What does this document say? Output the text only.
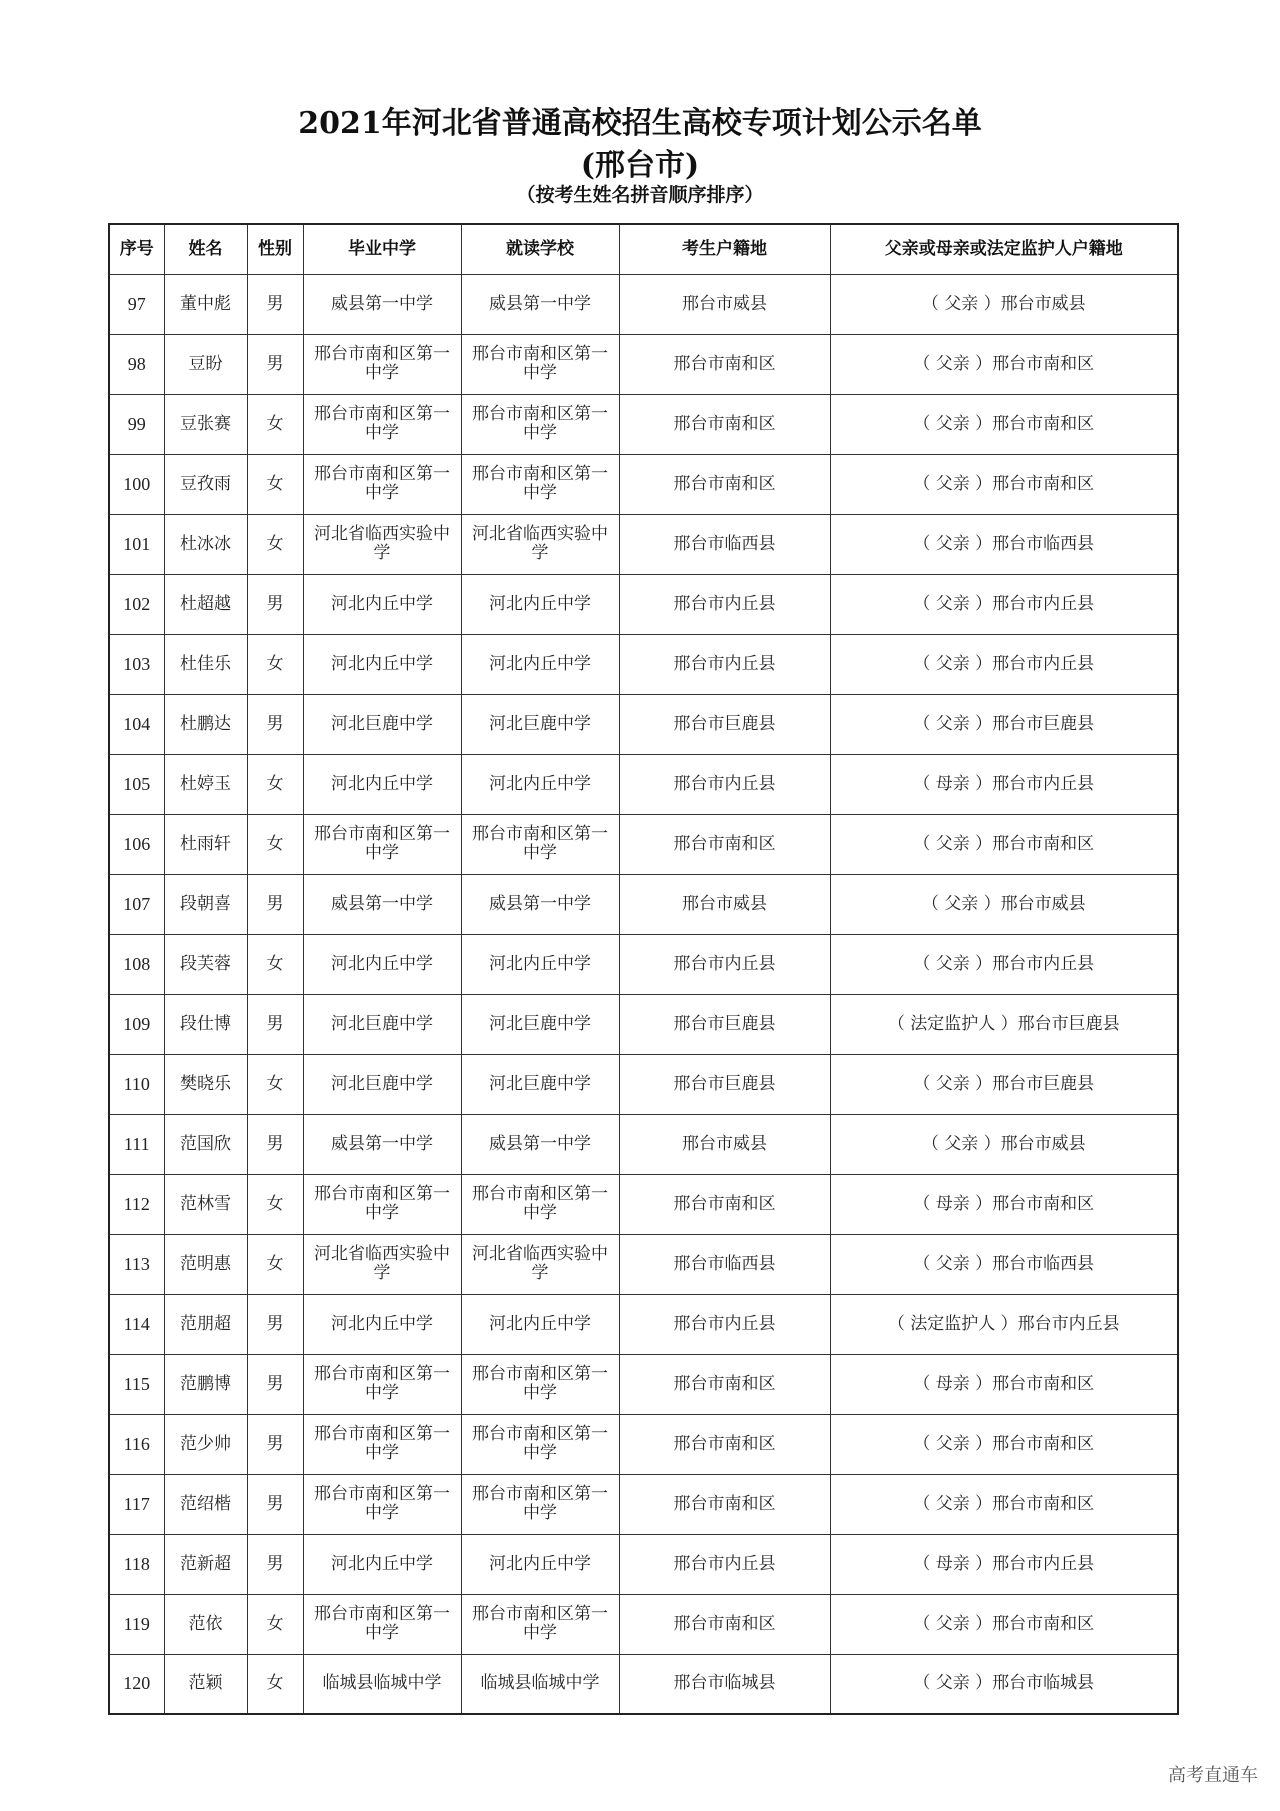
2021年河北省普通高校招生高校专项计划公示名单
(邢台市)
（按考生姓名拼音顺序排序）
序号	姓名	性别	毕业中学	就读学校	考生户籍地	父亲或母亲或法定监护人户籍地
97	董中彪	男	威县第一中学	威县第一中学	邢台市威县	（ 父亲 ）邢台市威县
98	豆盼	男	邢台市南和区第一中学	邢台市南和区第一中学	邢台市南和区	（ 父亲 ）邢台市南和区
99	豆张赛	女	邢台市南和区第一中学	邢台市南和区第一中学	邢台市南和区	（ 父亲 ）邢台市南和区
100	豆孜雨	女	邢台市南和区第一中学	邢台市南和区第一中学	邢台市南和区	（ 父亲 ）邢台市南和区
101	杜冰冰	女	河北省临西实验中学	河北省临西实验中学	邢台市临西县	（ 父亲 ）邢台市临西县
102	杜超越	男	河北内丘中学	河北内丘中学	邢台市内丘县	（ 父亲 ）邢台市内丘县
103	杜佳乐	女	河北内丘中学	河北内丘中学	邢台市内丘县	（ 父亲 ）邢台市内丘县
104	杜鹏达	男	河北巨鹿中学	河北巨鹿中学	邢台市巨鹿县	（ 父亲 ）邢台市巨鹿县
105	杜婷玉	女	河北内丘中学	河北内丘中学	邢台市内丘县	（ 母亲 ）邢台市内丘县
106	杜雨轩	女	邢台市南和区第一中学	邢台市南和区第一中学	邢台市南和区	（ 父亲 ）邢台市南和区
107	段朝喜	男	威县第一中学	威县第一中学	邢台市威县	（ 父亲 ）邢台市威县
108	段芙蓉	女	河北内丘中学	河北内丘中学	邢台市内丘县	（ 父亲 ）邢台市内丘县
109	段仕博	男	河北巨鹿中学	河北巨鹿中学	邢台市巨鹿县	（ 法定监护人 ）邢台市巨鹿县
110	樊晓乐	女	河北巨鹿中学	河北巨鹿中学	邢台市巨鹿县	（ 父亲 ）邢台市巨鹿县
111	范国欣	男	威县第一中学	威县第一中学	邢台市威县	（ 父亲 ）邢台市威县
112	范林雪	女	邢台市南和区第一中学	邢台市南和区第一中学	邢台市南和区	（ 母亲 ）邢台市南和区
113	范明惠	女	河北省临西实验中学	河北省临西实验中学	邢台市临西县	（ 父亲 ）邢台市临西县
114	范朋超	男	河北内丘中学	河北内丘中学	邢台市内丘县	（ 法定监护人 ）邢台市内丘县
115	范鹏博	男	邢台市南和区第一中学	邢台市南和区第一中学	邢台市南和区	（ 母亲 ）邢台市南和区
116	范少帅	男	邢台市南和区第一中学	邢台市南和区第一中学	邢台市南和区	（ 父亲 ）邢台市南和区
117	范绍楷	男	邢台市南和区第一中学	邢台市南和区第一中学	邢台市南和区	（ 父亲 ）邢台市南和区
118	范新超	男	河北内丘中学	河北内丘中学	邢台市内丘县	（ 母亲 ）邢台市内丘县
119	范依	女	邢台市南和区第一中学	邢台市南和区第一中学	邢台市南和区	（ 父亲 ）邢台市南和区
120	范颖	女	临城县临城中学	临城县临城中学	邢台市临城县	（ 父亲 ）邢台市临城县
高考直通车
